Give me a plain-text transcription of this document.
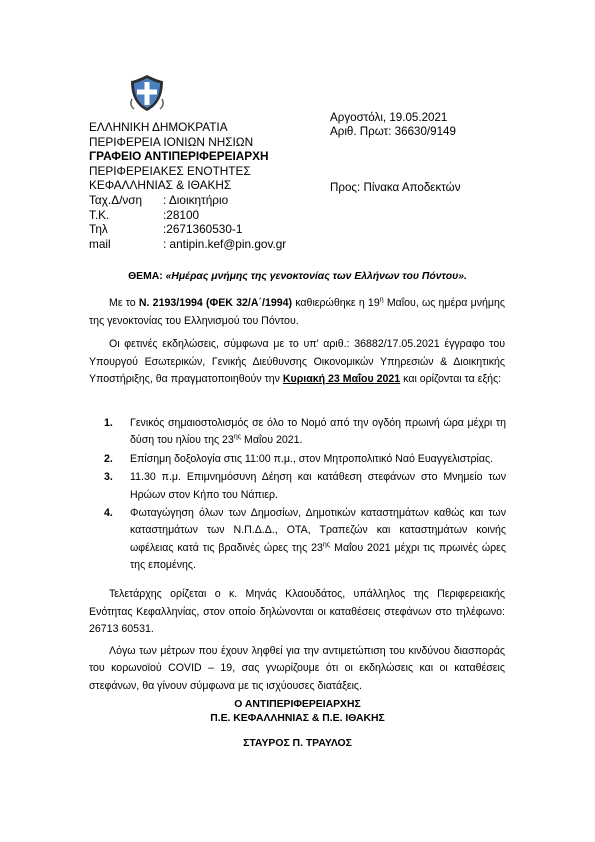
ΕΛΛΗΝΙΚΗ ΔΗΜΟΚΡΑΤΙΑ
ΠΕΡΙΦΕΡΕΙΑ ΙΟΝΙΩΝ ΝΗΣΙΩΝ
ΓΡΑΦΕΙΟ ΑΝΤΙΠΕΡΙΦΕΡΕΙΑΡΧΗ
ΠΕΡΙΦΕΡΕΙΑΚΕΣ ΕΝΟΤΗΤΕΣ
ΚΕΦΑΛΛΗΝΙΑΣ & ΙΘΑΚΗΣ
Ταχ.Δ/νση	: Διοικητήριο
Τ.Κ.	:28100
Τηλ	:2671360530-1
mail	: antipin.kef@pin.gov.gr
Αργοστόλι, 19.05.2021
Αριθ. Πρωτ: 36630/9149
Προς: Πίνακα Αποδεκτών
ΘΕΜΑ: «Ημέρας μνήμης της γενοκτονίας των Ελλήνων του Πόντου».

Με το Ν. 2193/1994 (ΦΕΚ 32/Α΄/1994) καθιερώθηκε η $19^\eta$ Μαΐου, ως ημέρα μνήμης της γενοκτονίας του Ελληνισμού του Πόντου.

Οι φετινές εκδηλώσεις, σύμφωνα με το υπ' αριθ.: 36882/17.05.2021 έγγραφο του Υπουργού Εσωτερικών, Γενικής Διεύθυνσης Οικονομικών Υπηρεσιών & Διοικητικής Υποστήριξης, θα πραγματοποιηθούν την Κυριακή 23 Μαΐου 2021 και ορίζονται τα εξής:

1.	Γενικός σημαιοστολισμός σε όλο το Νομό από την ογδόη πρωινή ώρα μέχρι τη δύση του ηλίου της $23^{\eta\varsigma}$ Μαΐου 2021.
2.	Επίσημη δοξολογία στις 11:00 π.μ., στον Μητροπολιτικό Ναό Ευαγγελιστρίας.
3.	11.30 π.μ. Επιμνημόσυνη Δέηση και κατάθεση στεφάνων στο Μνημείο των Ηρώων στον Κήπο του Νάπιερ.
4.	Φωταγώγηση όλων των Δημοσίων, Δημοτικών καταστημάτων καθώς και των καταστημάτων των Ν.Π.Δ.Δ., ΟΤΑ, Τραπεζών και καταστημάτων κοινής ωφέλειας κατά τις βραδινές ώρες της $23^{\eta\varsigma}$ Μαΐου 2021 μέχρι τις πρωινές ώρες της επομένης.

Τελετάρχης ορίζεται ο κ. Μηνάς Κλαουδάτος, υπάλληλος της Περιφερειακής Ενότητας Κεφαλληνίας, στον οποίο δηλώνονται οι καταθέσεις στεφάνων στο τηλέφωνο: 26713 60531.

Λόγω των μέτρων που έχουν ληφθεί για την αντιμετώπιση του κινδύνου διασποράς του κορωνοϊού COVID – 19, σας γνωρίζουμε ότι οι εκδηλώσεις και οι καταθέσεις στεφάνων, θα γίνουν σύμφωνα με τις ισχύουσες διατάξεις.

Ο ΑΝΤΙΠΕΡΙΦΕΡΕΙΑΡΧΗΣ
Π.Ε. ΚΕΦΑΛΛΗΝΙΑΣ & Π.Ε. ΙΘΑΚΗΣ
ΣΤΑΥΡΟΣ Π. ΤΡΑΥΛΟΣ
